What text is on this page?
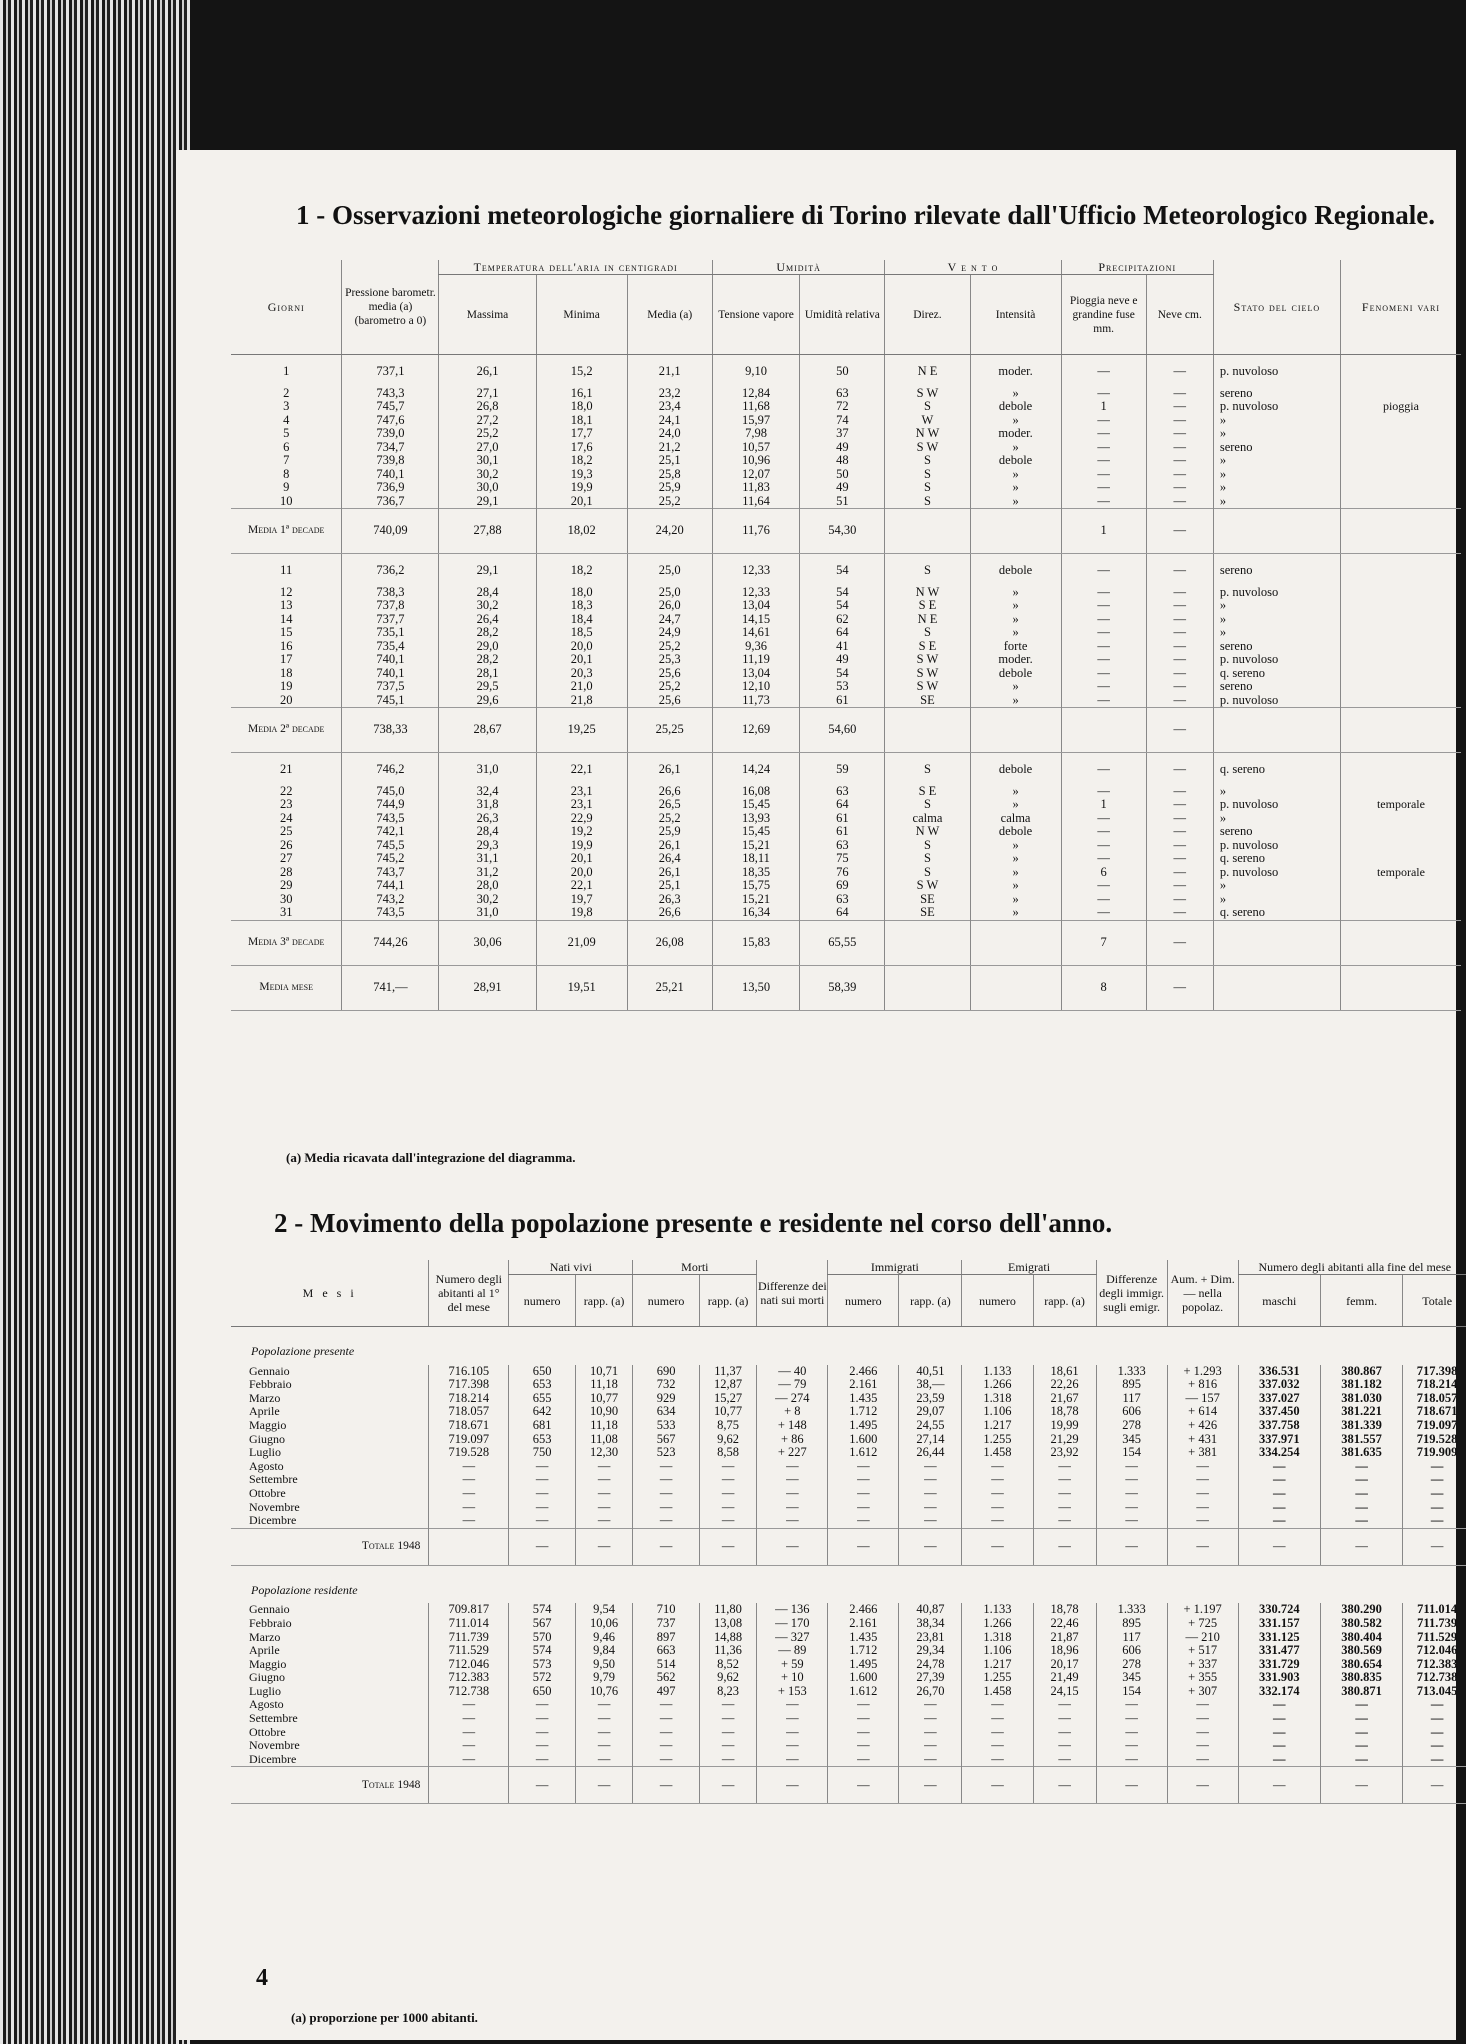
1 - Osservazioni meteorologiche giornaliere di Torino rilevate dall'Ufficio Meteorologico Regionale.
Giorni	Pressione barometr. media (a) (barometro a 0)	Temperatura dell'aria in centigradi			Umidità		V e n t o		Precipitazioni		Stato del cielo	Fenomeni vari
		Massima	Minima	Media (a)	Tensione vapore	Umidità relativa	Direz.	Intensità	Pioggia neve e grandine fuse mm.	Neve cm.		
1	737,1	26,1	15,2	21,1	9,10	50	N E	moder.	—	—	p. nuvoloso	
2	743,3	27,1	16,1	23,2	12,84	63	S W	»	—	—	sereno	
3	745,7	26,8	18,0	23,4	11,68	72	S	debole	1	—	p. nuvoloso	pioggia
4	747,6	27,2	18,1	24,1	15,97	74	W	»	—	—	»	
5	739,0	25,2	17,7	24,0	7,98	37	N W	moder.	—	—	»	
6	734,7	27,0	17,6	21,2	10,57	49	S W	»	—	—	sereno	
7	739,8	30,1	18,2	25,1	10,96	48	S	debole	—	—	»	
8	740,1	30,2	19,3	25,8	12,07	50	S	»	—	—	»	
9	736,9	30,0	19,9	25,9	11,83	49	S	»	—	—	»	
10	736,7	29,1	20,1	25,2	11,64	51	S	»	—	—	»	
Media 1ª decade	740,09	27,88	18,02	24,20	11,76	54,30			1	—		
11	736,2	29,1	18,2	25,0	12,33	54	S	debole	—	—	sereno	
12	738,3	28,4	18,0	25,0	12,33	54	N W	»	—	—	p. nuvoloso	
13	737,8	30,2	18,3	26,0	13,04	54	S E	»	—	—	»	
14	737,7	26,4	18,4	24,7	14,15	62	N E	»	—	—	»	
15	735,1	28,2	18,5	24,9	14,61	64	S	»	—	—	»	
16	735,4	29,0	20,0	25,2	9,36	41	S E	forte	—	—	sereno	
17	740,1	28,2	20,1	25,3	11,19	49	S W	moder.	—	—	p. nuvoloso	
18	740,1	28,1	20,3	25,6	13,04	54	S W	debole	—	—	q. sereno	
19	737,5	29,5	21,0	25,2	12,10	53	S W	»	—	—	sereno	
20	745,1	29,6	21,8	25,6	11,73	61	SE	»	—	—	p. nuvoloso	
Media 2ª decade	738,33	28,67	19,25	25,25	12,69	54,60				—		
21	746,2	31,0	22,1	26,1	14,24	59	S	debole	—	—	q. sereno	
22	745,0	32,4	23,1	26,6	16,08	63	S E	»	—	—	»	
23	744,9	31,8	23,1	26,5	15,45	64	S	»	1	—	p. nuvoloso	temporale
24	743,5	26,3	22,9	25,2	13,93	61	calma	calma	—	—	»	
25	742,1	28,4	19,2	25,9	15,45	61	N W	debole	—	—	sereno	
26	745,5	29,3	19,9	26,1	15,21	63	S	»	—	—	p. nuvoloso	
27	745,2	31,1	20,1	26,4	18,11	75	S	»	—	—	q. sereno	
28	743,7	31,2	20,0	26,1	18,35	76	S	»	6	—	p. nuvoloso	temporale
29	744,1	28,0	22,1	25,1	15,75	69	S W	»	—	—	»	
30	743,2	30,2	19,7	26,3	15,21	63	SE	»	—	—	»	
31	743,5	31,0	19,8	26,6	16,34	64	SE	»	—	—	q. sereno	
Media 3ª decade	744,26	30,06	21,09	26,08	15,83	65,55			7	—		
Media mese	741,—	28,91	19,51	25,21	13,50	58,39			8	—		
(a) Media ricavata dall'integrazione del diagramma.
2 - Movimento della popolazione presente e residente nel corso dell'anno.
M e s i	Numero degli abitanti al 1° del mese	Nati vivi		Morti		Differenze dei nati sui morti	Immigrati		Emigrati		Differenze degli immigr. sugli emigr.	Aum. + Dim. — nella popolaz.	Numero degli abitanti alla fine del mese		
		numero	rapp. (a)	numero	rapp. (a)		numero	rapp. (a)	numero	rapp. (a)			maschi	femm.	Totale
Popolazione presente															
Gennaio	716.105	650	10,71	690	11,37	— 40	2.466	40,51	1.133	18,61	1.333	+ 1.293	336.531	380.867	717.398
Febbraio	717.398	653	11,18	732	12,87	— 79	2.161	38,—	1.266	22,26	895	+ 816	337.032	381.182	718.214
Marzo	718.214	655	10,77	929	15,27	— 274	1.435	23,59	1.318	21,67	117	— 157	337.027	381.030	718.057
Aprile	718.057	642	10,90	634	10,77	+ 8	1.712	29,07	1.106	18,78	606	+ 614	337.450	381.221	718.671
Maggio	718.671	681	11,18	533	8,75	+ 148	1.495	24,55	1.217	19,99	278	+ 426	337.758	381.339	719.097
Giugno	719.097	653	11,08	567	9,62	+ 86	1.600	27,14	1.255	21,29	345	+ 431	337.971	381.557	719.528
Luglio	719.528	750	12,30	523	8,58	+ 227	1.612	26,44	1.458	23,92	154	+ 381	334.254	381.635	719.909
Agosto	—	—	—	—	—	—	—	—	—	—	—	—	—	—	—
Settembre	—	—	—	—	—	—	—	—	—	—	—	—	—	—	—
Ottobre	—	—	—	—	—	—	—	—	—	—	—	—	—	—	—
Novembre	—	—	—	—	—	—	—	—	—	—	—	—	—	—	—
Dicembre	—	—	—	—	—	—	—	—	—	—	—	—	—	—	—
Totale 1948		—	—	—	—	—	—	—	—	—	—	—	—	—	—
Popolazione residente															
Gennaio	709.817	574	9,54	710	11,80	— 136	2.466	40,87	1.133	18,78	1.333	+ 1.197	330.724	380.290	711.014
Febbraio	711.014	567	10,06	737	13,08	— 170	2.161	38,34	1.266	22,46	895	+ 725	331.157	380.582	711.739
Marzo	711.739	570	9,46	897	14,88	— 327	1.435	23,81	1.318	21,87	117	— 210	331.125	380.404	711.529
Aprile	711.529	574	9,84	663	11,36	— 89	1.712	29,34	1.106	18,96	606	+ 517	331.477	380.569	712.046
Maggio	712.046	573	9,50	514	8,52	+ 59	1.495	24,78	1.217	20,17	278	+ 337	331.729	380.654	712.383
Giugno	712.383	572	9,79	562	9,62	+ 10	1.600	27,39	1.255	21,49	345	+ 355	331.903	380.835	712.738
Luglio	712.738	650	10,76	497	8,23	+ 153	1.612	26,70	1.458	24,15	154	+ 307	332.174	380.871	713.045
Agosto	—	—	—	—	—	—	—	—	—	—	—	—	—	—	—
Settembre	—	—	—	—	—	—	—	—	—	—	—	—	—	—	—
Ottobre	—	—	—	—	—	—	—	—	—	—	—	—	—	—	—
Novembre	—	—	—	—	—	—	—	—	—	—	—	—	—	—	—
Dicembre	—	—	—	—	—	—	—	—	—	—	—	—	—	—	—
Totale 1948		—	—	—	—	—	—	—	—	—	—	—	—	—	—
(a) proporzione per 1000 abitanti.
4
